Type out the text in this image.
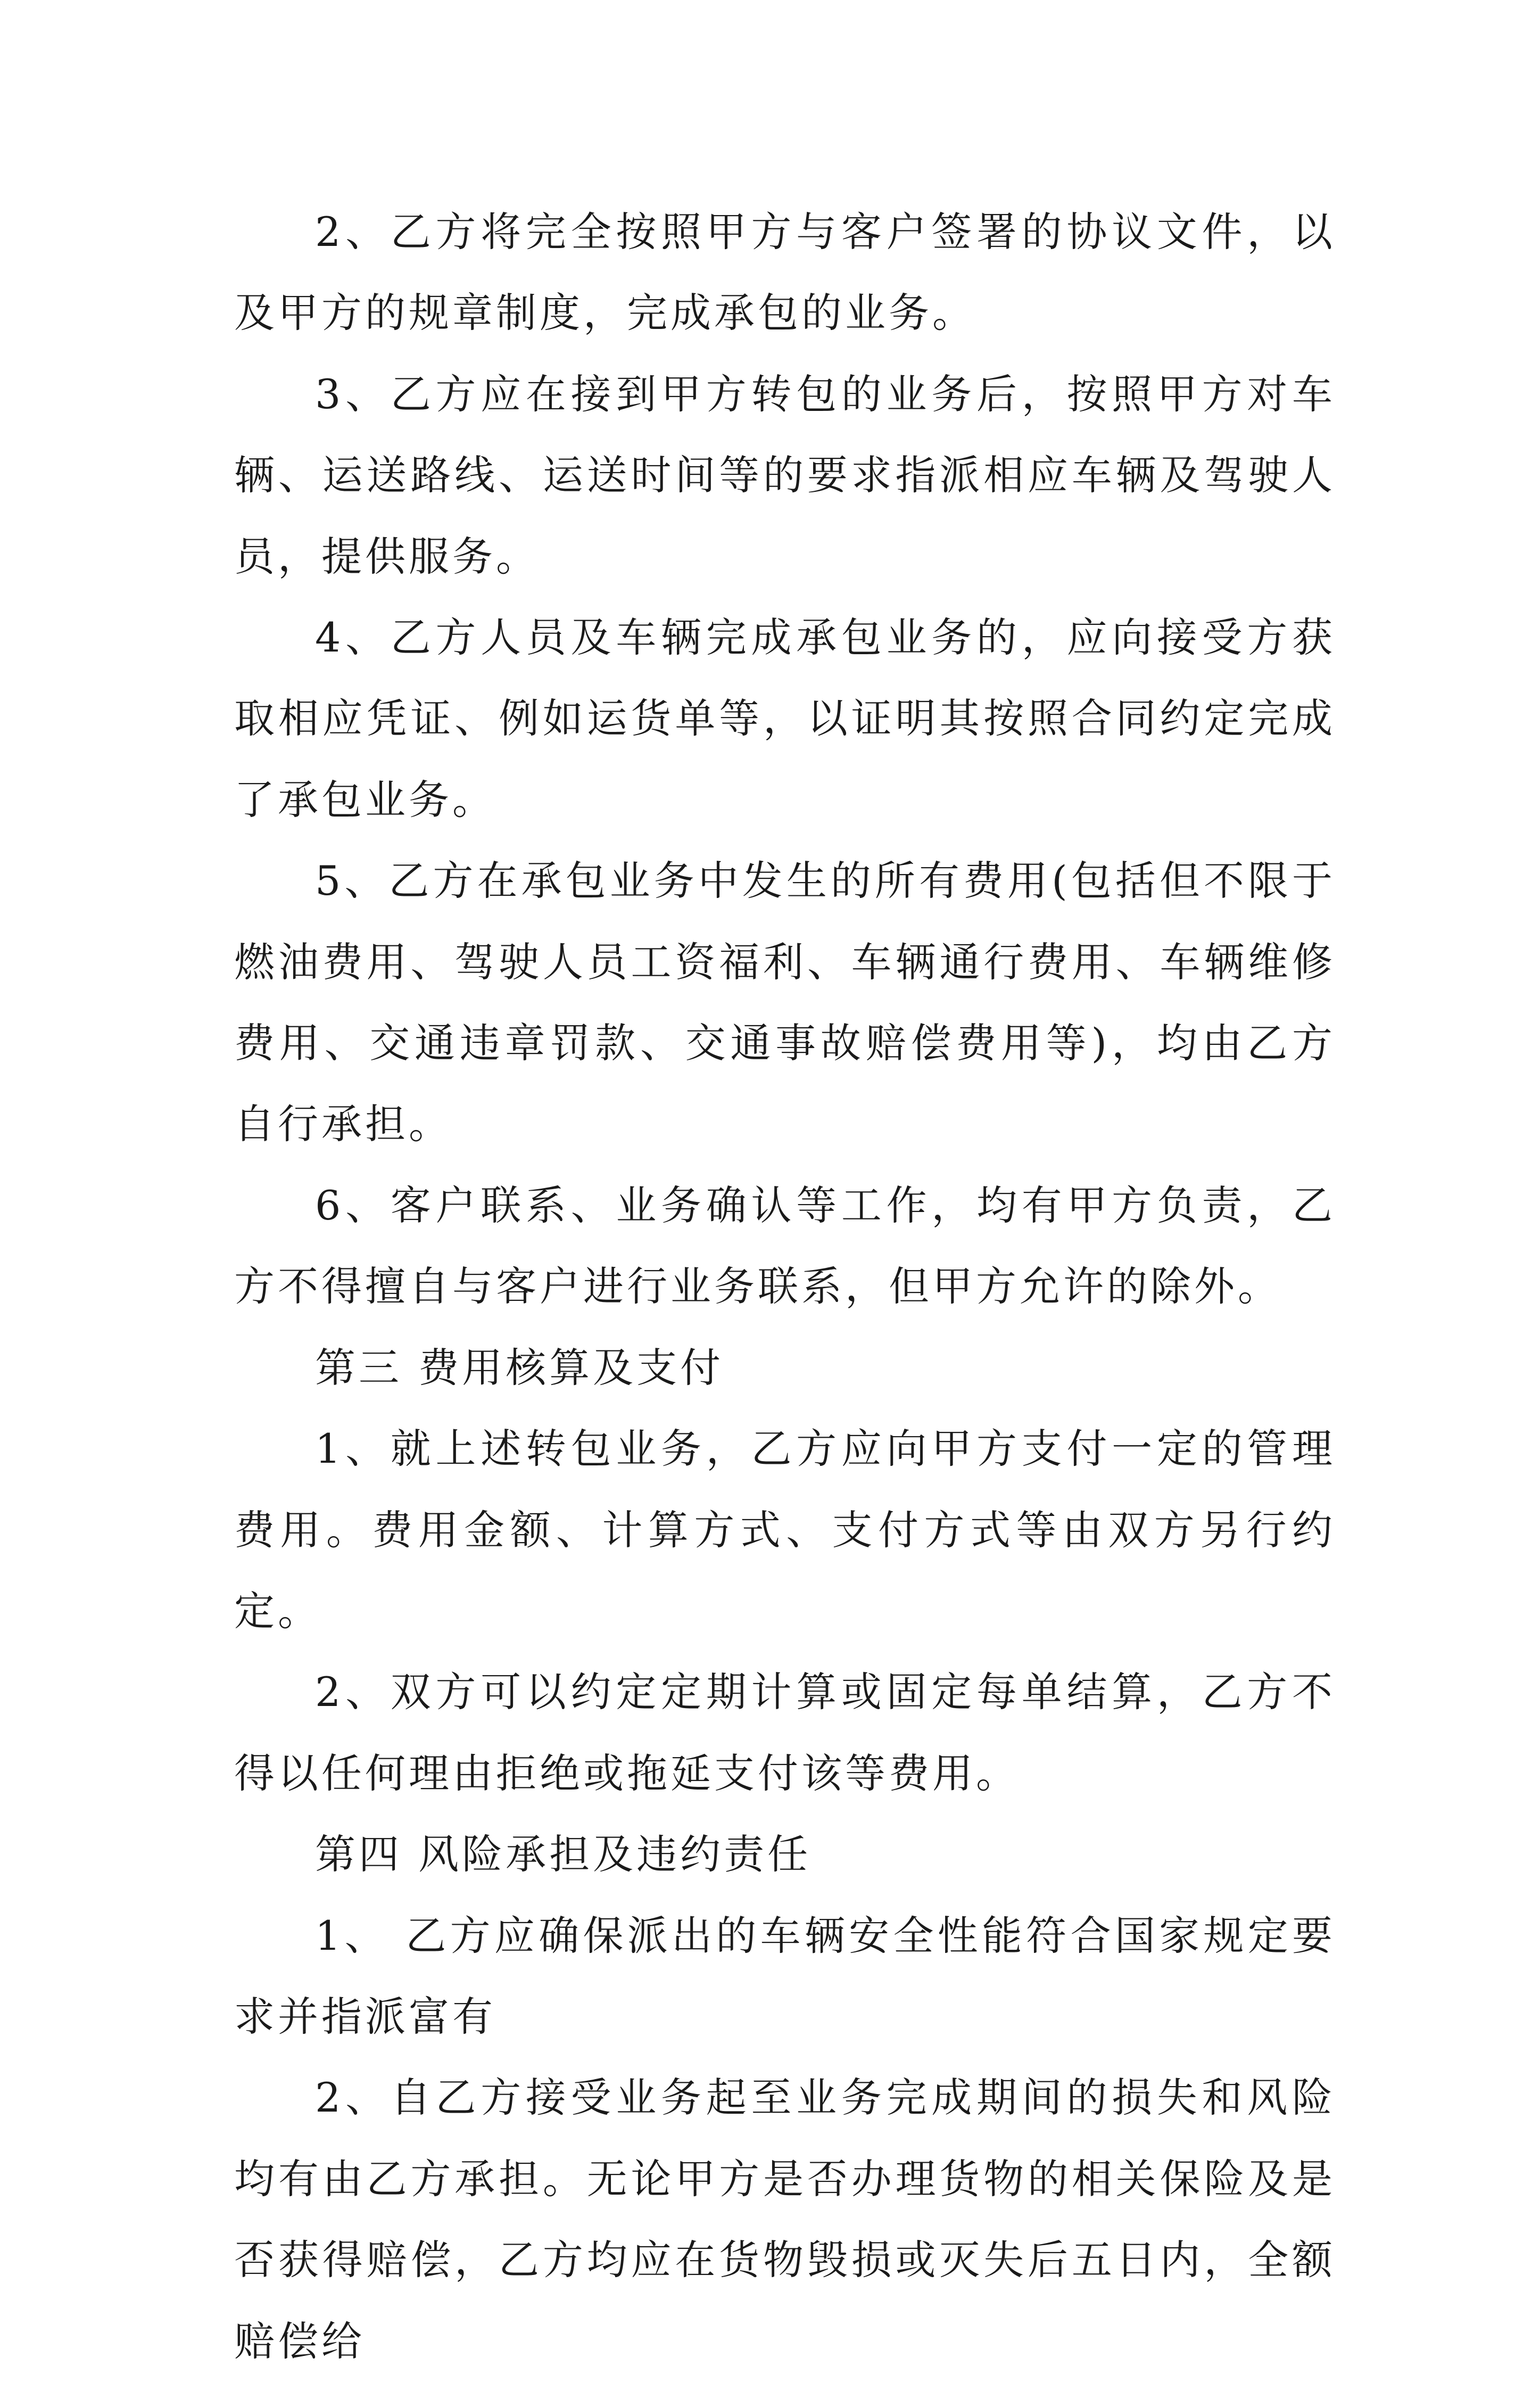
2、乙方将完全按照甲方与客户签署的协议文件，以及甲方的规章制度，完成承包的业务。

3、乙方应在接到甲方转包的业务后，按照甲方对车辆、运送路线、运送时间等的要求指派相应车辆及驾驶人员，提供服务。

4、乙方人员及车辆完成承包业务的，应向接受方获取相应凭证、例如运货单等，以证明其按照合同约定完成了承包业务。

5、乙方在承包业务中发生的所有费用(包括但不限于燃油费用、驾驶人员工资福利、车辆通行费用、车辆维修费用、交通违章罚款、交通事故赔偿费用等)，均由乙方自行承担。

6、客户联系、业务确认等工作，均有甲方负责，乙方不得擅自与客户进行业务联系，但甲方允许的除外。

第三 费用核算及支付

1、就上述转包业务，乙方应向甲方支付一定的管理费用。费用金额、计算方式、支付方式等由双方另行约定。

2、双方可以约定定期计算或固定每单结算，乙方不得以任何理由拒绝或拖延支付该等费用。

第四 风险承担及违约责任

1、 乙方应确保派出的车辆安全性能符合国家规定要求并指派富有

2、自乙方接受业务起至业务完成期间的损失和风险均有由乙方承担。无论甲方是否办理货物的相关保险及是否获得赔偿，乙方均应在货物毁损或灭失后五日内，全额赔偿给
